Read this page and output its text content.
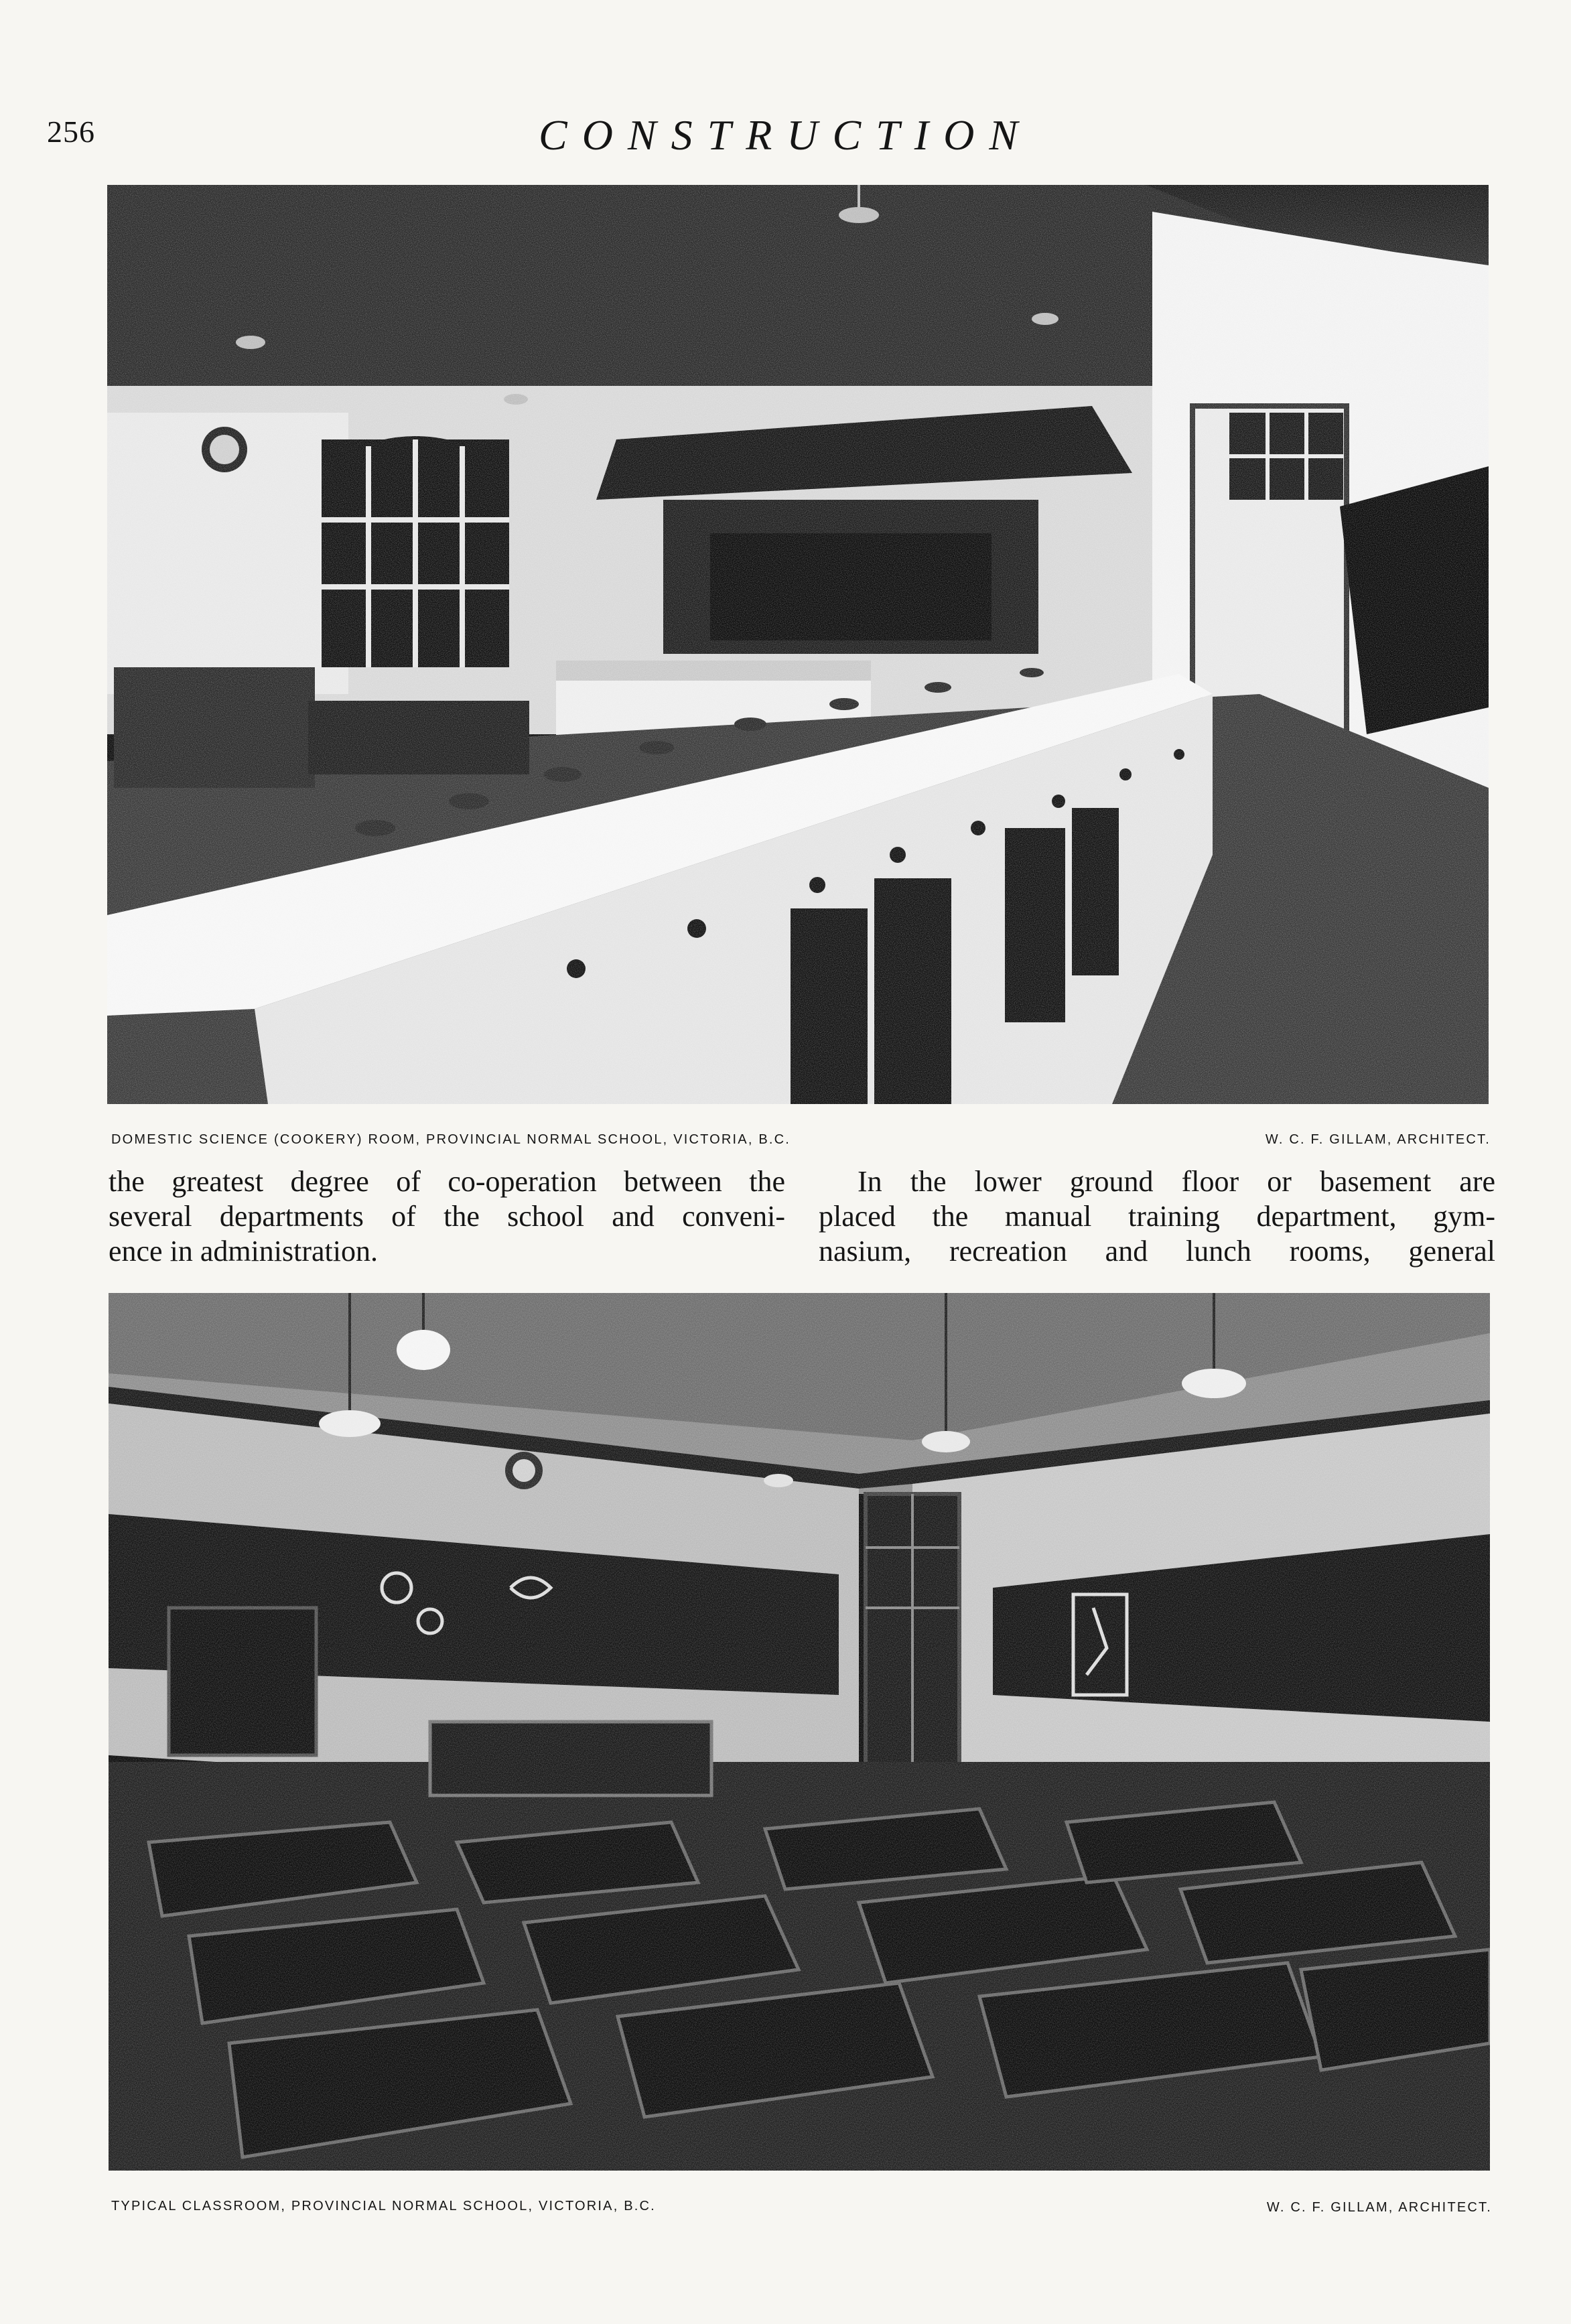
256	CONSTRUCTION
DOMESTIC SCIENCE (COOKERY) ROOM, PROVINCIAL NORMAL SCHOOL, VICTORIA, B.C.	W. C. F. GILLAM, ARCHITECT.
the greatest degree of co-operation between the
several departments of the school and conveni-
ence in administration.
In the lower ground floor or basement are
placed the manual training department, gym-
nasium, recreation and lunch rooms, general
TYPICAL CLASSROOM, PROVINCIAL NORMAL SCHOOL, VICTORIA, B.C.	W. C. F. GILLAM, ARCHITECT.
